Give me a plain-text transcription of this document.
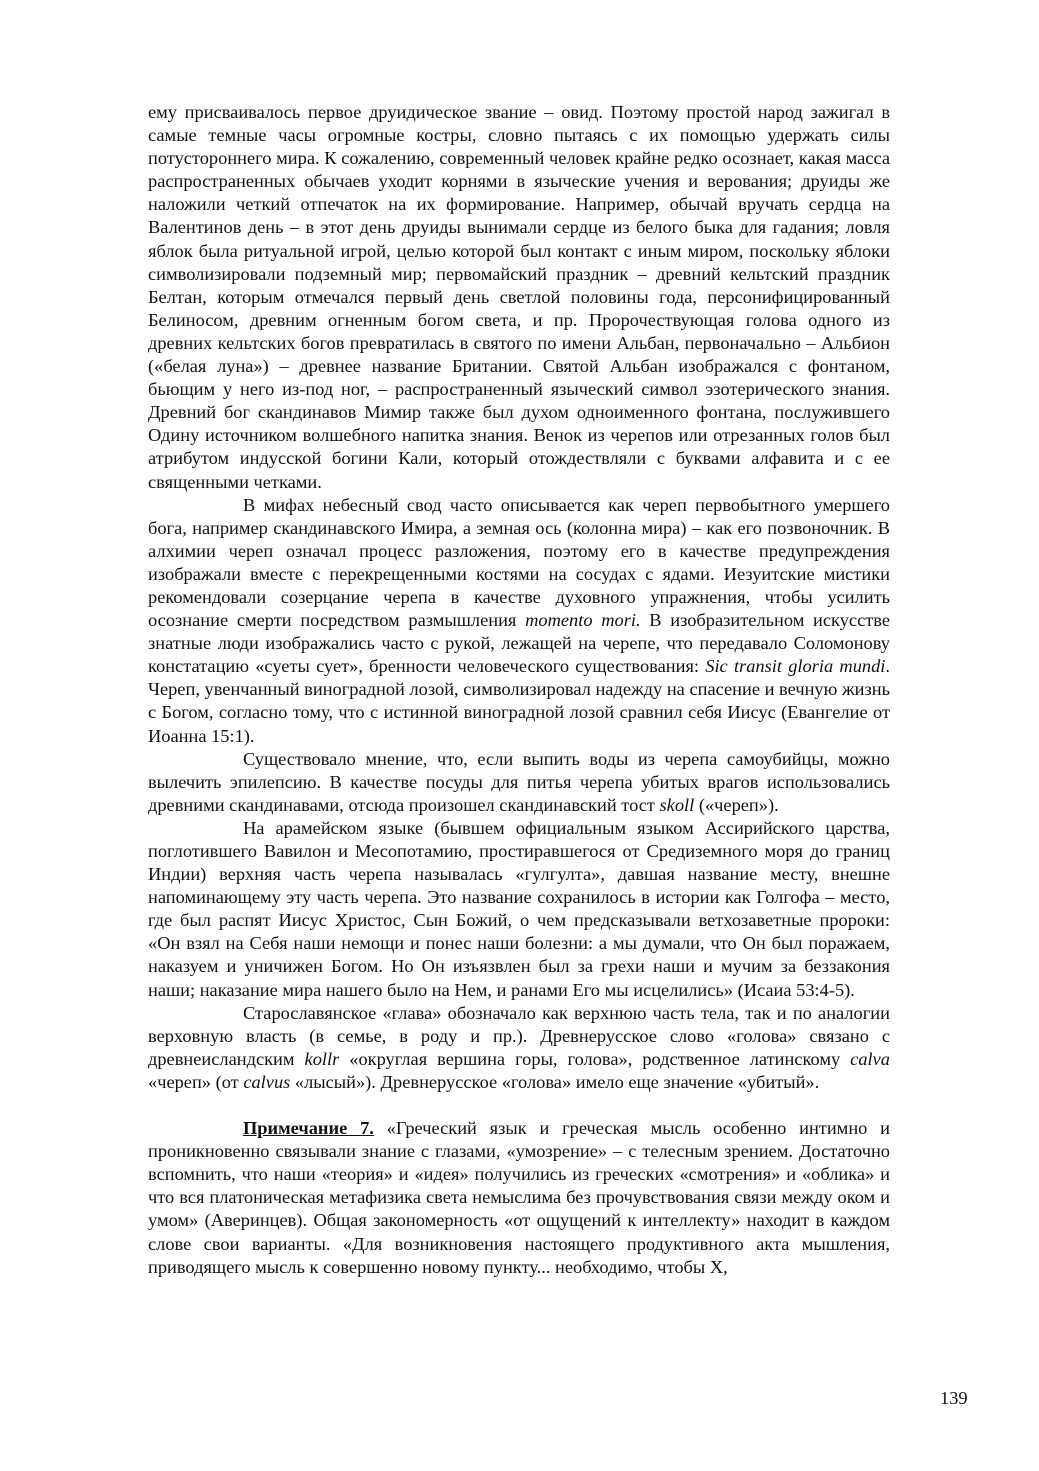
ему присваивалось первое друидическое звание – овид. Поэтому простой народ зажигал в самые темные часы огромные костры, словно пытаясь с их помощью удержать силы потустороннего мира. К сожалению, современный человек крайне редко осознает, какая масса распространенных обычаев уходит корнями в языческие учения и верования; друиды же наложили четкий отпечаток на их формирование. Например, обычай вручать сердца на Валентинов день – в этот день друиды вынимали сердце из белого быка для гадания; ловля яблок была ритуальной игрой, целью которой был контакт с иным миром, поскольку яблоки символизировали подземный мир; первомайский праздник – древний кельтский праздник Белтан, которым отмечался первый день светлой половины года, персонифицированный Белиносом, древним огненным богом света, и пр. Пророчествующая голова одного из древних кельтских богов превратилась в святого по имени Альбан, первоначально – Альбион («белая луна») – древнее название Британии. Святой Альбан изображался с фонтаном, бьющим у него из-под ног, – распространенный языческий символ эзотерического знания. Древний бог скандинавов Мимир также был духом одноименного фонтана, послужившего Одину источником волшебного напитка знания. Венок из черепов или отрезанных голов был атрибутом индусской богини Кали, который отождествляли с буквами алфавита и с ее священными четками.

В мифах небесный свод часто описывается как череп первобытного умершего бога, например скандинавского Имира, а земная ось (колонна мира) – как его позвоночник. В алхимии череп означал процесс разложения, поэтому его в качестве предупреждения изображали вместе с перекрещенными костями на сосудах с ядами. Иезуитские мистики рекомендовали созерцание черепа в качестве духовного упражнения, чтобы усилить осознание смерти посредством размышления momento mori. В изобразительном искусстве знатные люди изображались часто с рукой, лежащей на черепе, что передавало Соломонову констатацию «суеты сует», бренности человеческого существования: Sic transit gloria mundi. Череп, увенчанный виноградной лозой, символизировал надежду на спасение и вечную жизнь с Богом, согласно тому, что с истинной виноградной лозой сравнил себя Иисус (Евангелие от Иоанна 15:1).

Существовало мнение, что, если выпить воды из черепа самоубийцы, можно вылечить эпилепсию. В качестве посуды для питья черепа убитых врагов использовались древними скандинавами, отсюда произошел скандинавский тост skoll («череп»).

На арамейском языке (бывшем официальным языком Ассирийского царства, поглотившего Вавилон и Месопотамию, простиравшегося от Средиземного моря до границ Индии) верхняя часть черепа называлась «гулгулта», давшая название месту, внешне напоминающему эту часть черепа. Это название сохранилось в истории как Голгофа – место, где был распят Иисус Христос, Сын Божий, о чем предсказывали ветхозаветные пророки: «Он взял на Себя наши немощи и понес наши болезни: а мы думали, что Он был поражаем, наказуем и уничижен Богом. Но Он изъязвлен был за грехи наши и мучим за беззакония наши; наказание мира нашего было на Нем, и ранами Его мы исцелились» (Исаиа 53:4-5).

Старославянское «глава» обозначало как верхнюю часть тела, так и по аналогии верховную власть (в семье, в роду и пр.). Древнерусское слово «голова» связано с древнеисландским kollr «округлая вершина горы, голова», родственное латинскому calva «череп» (от calvus «лысый»). Древнерусское «голова» имело еще значение «убитый».

Примечание 7. «Греческий язык и греческая мысль особенно интимно и проникновенно связывали знание с глазами, «умозрение» – с телесным зрением. Достаточно вспомнить, что наши «теория» и «идея» получились из греческих «смотрения» и «облика» и что вся платоническая метафизика света немыслима без прочувствования связи между оком и умом» (Аверинцев). Общая закономерность «от ощущений к интеллекту» находит в каждом слове свои варианты. «Для возникновения настоящего продуктивного акта мышления, приводящего мысль к совершенно новому пункту... необходимо, чтобы Х,

139
